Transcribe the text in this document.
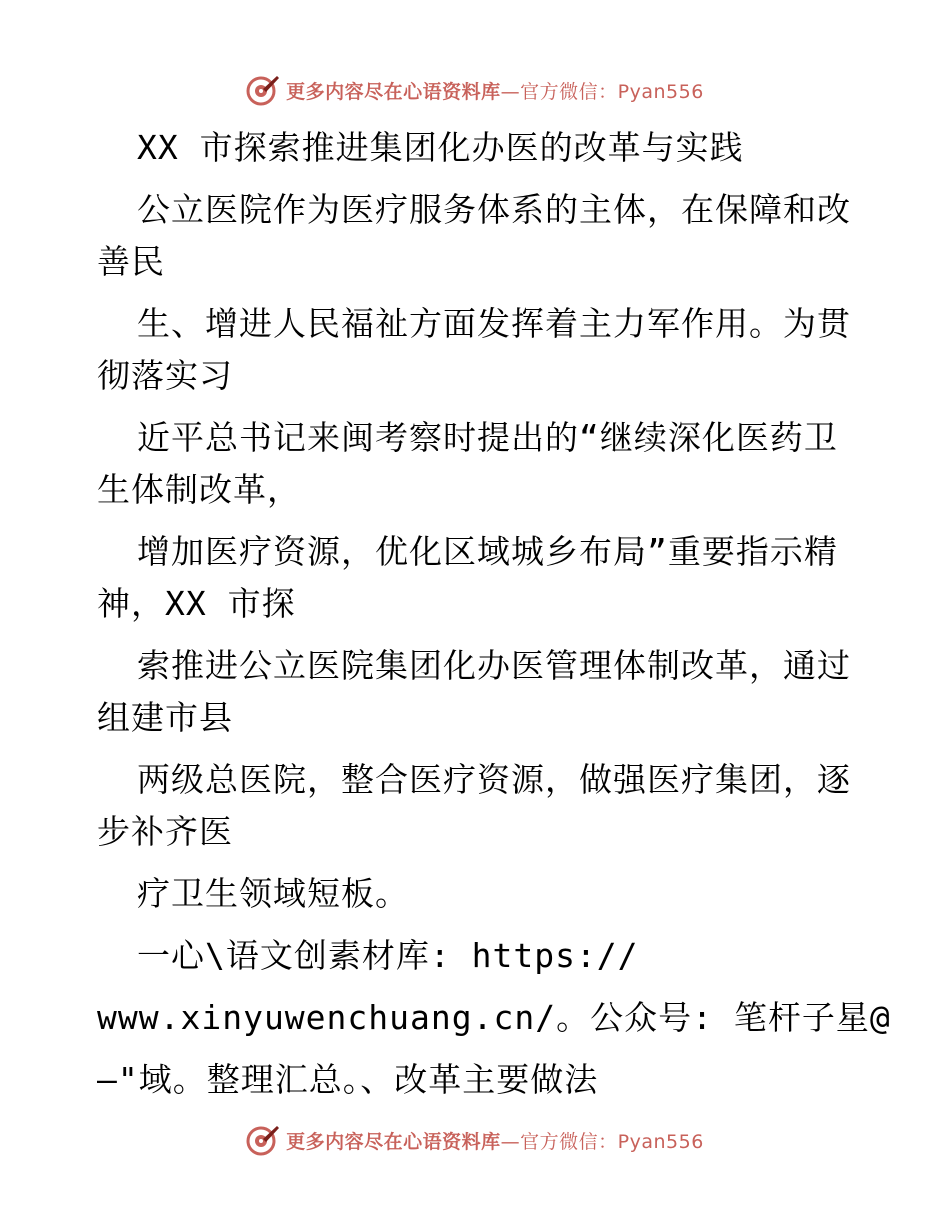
更多内容尽在心语资料库—官方微信：Pyan556
XX 市探索推进集团化办医的改革与实践
公立医院作为医疗服务体系的主体，在保障和改
善民
生、增进人民福祉方面发挥着主力军作用。为贯
彻落实习
近平总书记来闽考察时提出的“继续深化医药卫
生体制改革，
增加医疗资源，优化区域城乡布局”重要指示精
神，XX 市探
索推进公立医院集团化办医管理体制改革，通过
组建市县
两级总医院，整合医疗资源，做强医疗集团，逐
步补齐医
疗卫生领域短板。
一心\语文创素材库: https://
www.xinyuwenchuang.cn/。公众号: 笔杆子星@
—"域。整理汇总。、改革主要做法
更多内容尽在心语资料库—官方微信：Pyan556
